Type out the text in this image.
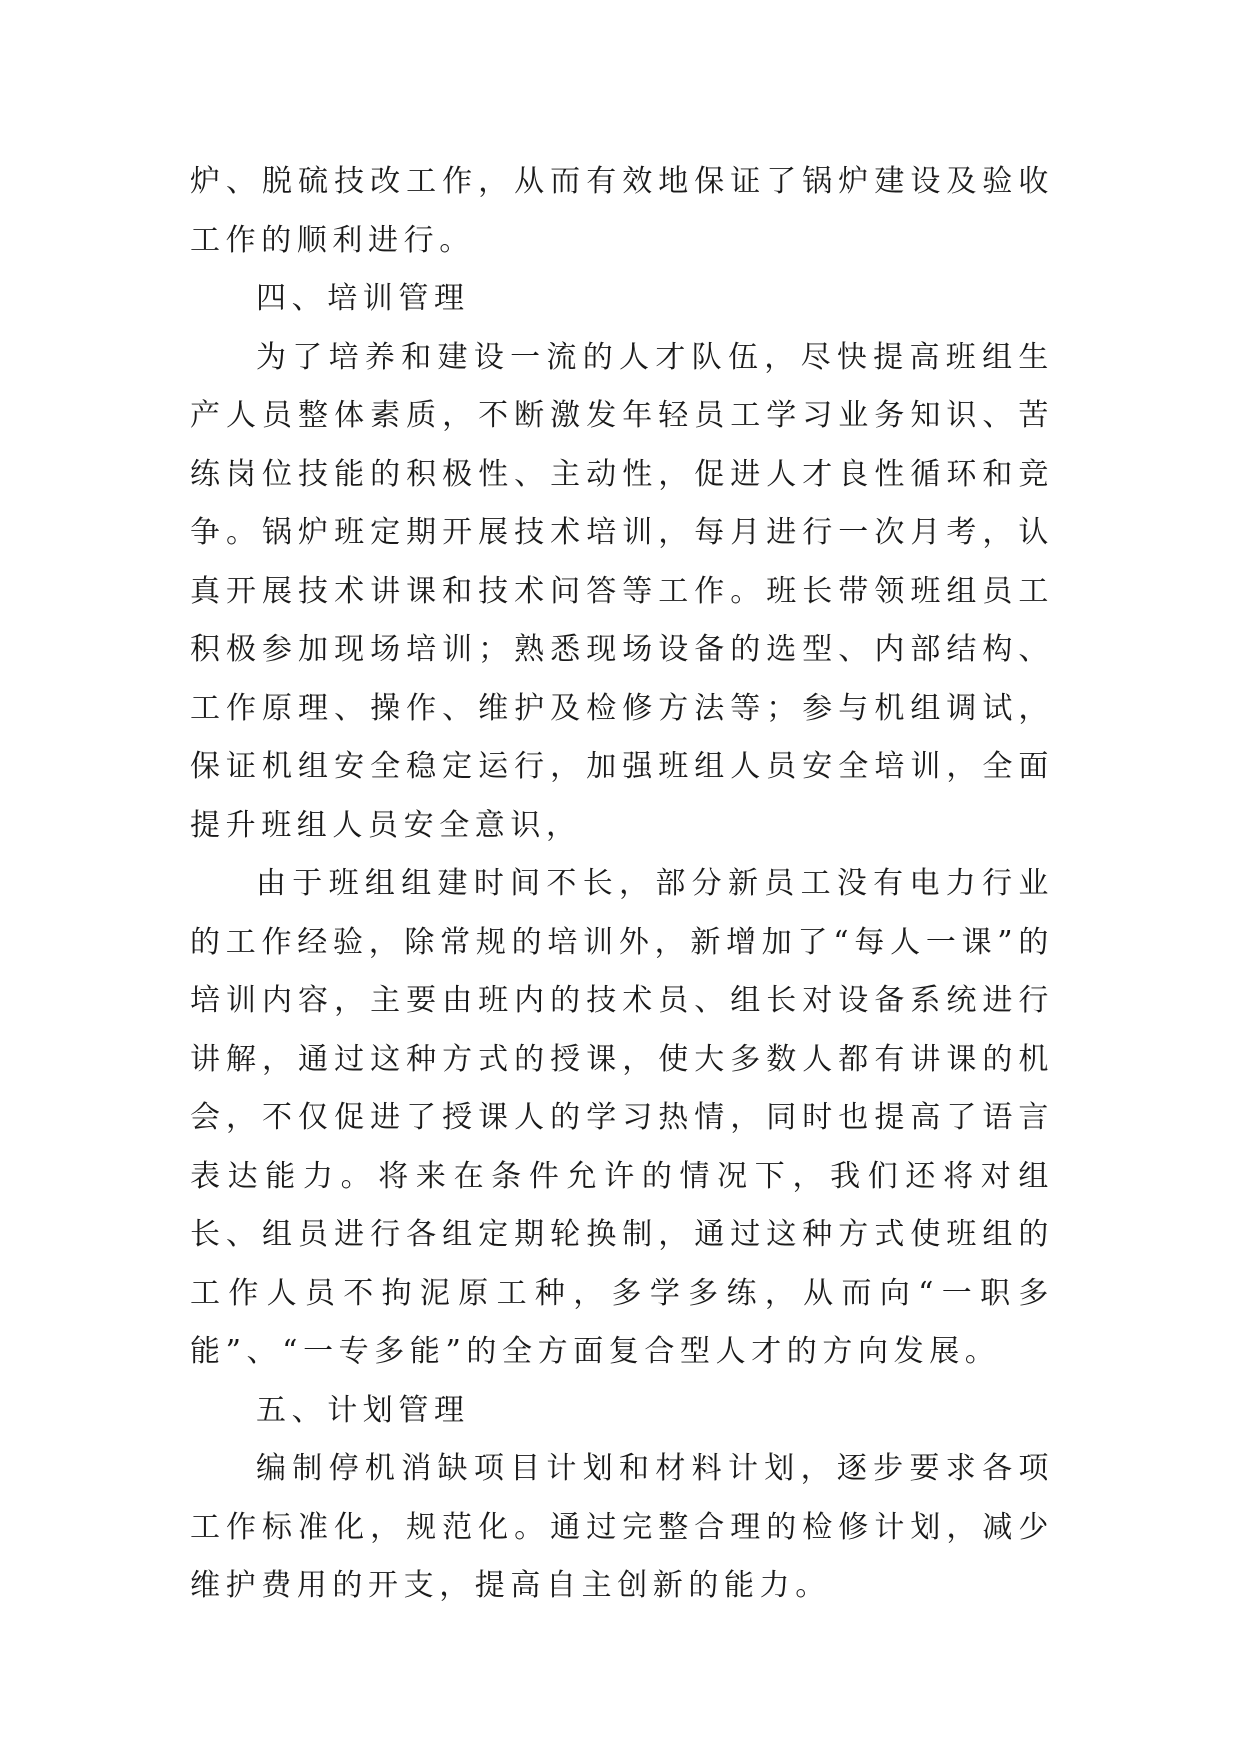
炉、脱硫技改工作，从而有效地保证了锅炉建设及验收工作的顺利进行。

四、培训管理

为了培养和建设一流的人才队伍，尽快提高班组生产人员整体素质，不断激发年轻员工学习业务知识、苦练岗位技能的积极性、主动性，促进人才良性循环和竞争。锅炉班定期开展技术培训，每月进行一次月考，认真开展技术讲课和技术问答等工作。班长带领班组员工积极参加现场培训；熟悉现场设备的选型、内部结构、工作原理、操作、维护及检修方法等；参与机组调试，保证机组安全稳定运行，加强班组人员安全培训，全面提升班组人员安全意识，

由于班组组建时间不长，部分新员工没有电力行业的工作经验，除常规的培训外，新增加了“每人一课”的培训内容，主要由班内的技术员、组长对设备系统进行讲解，通过这种方式的授课，使大多数人都有讲课的机会，不仅促进了授课人的学习热情，同时也提高了语言表达能力。将来在条件允许的情况下，我们还将对组长、组员进行各组定期轮换制，通过这种方式使班组的工作人员不拘泥原工种，多学多练，从而向“一职多能”、“一专多能”的全方面复合型人才的方向发展。

五、计划管理

编制停机消缺项目计划和材料计划，逐步要求各项工作标准化，规范化。通过完整合理的检修计划，减少维护费用的开支，提高自主创新的能力。
